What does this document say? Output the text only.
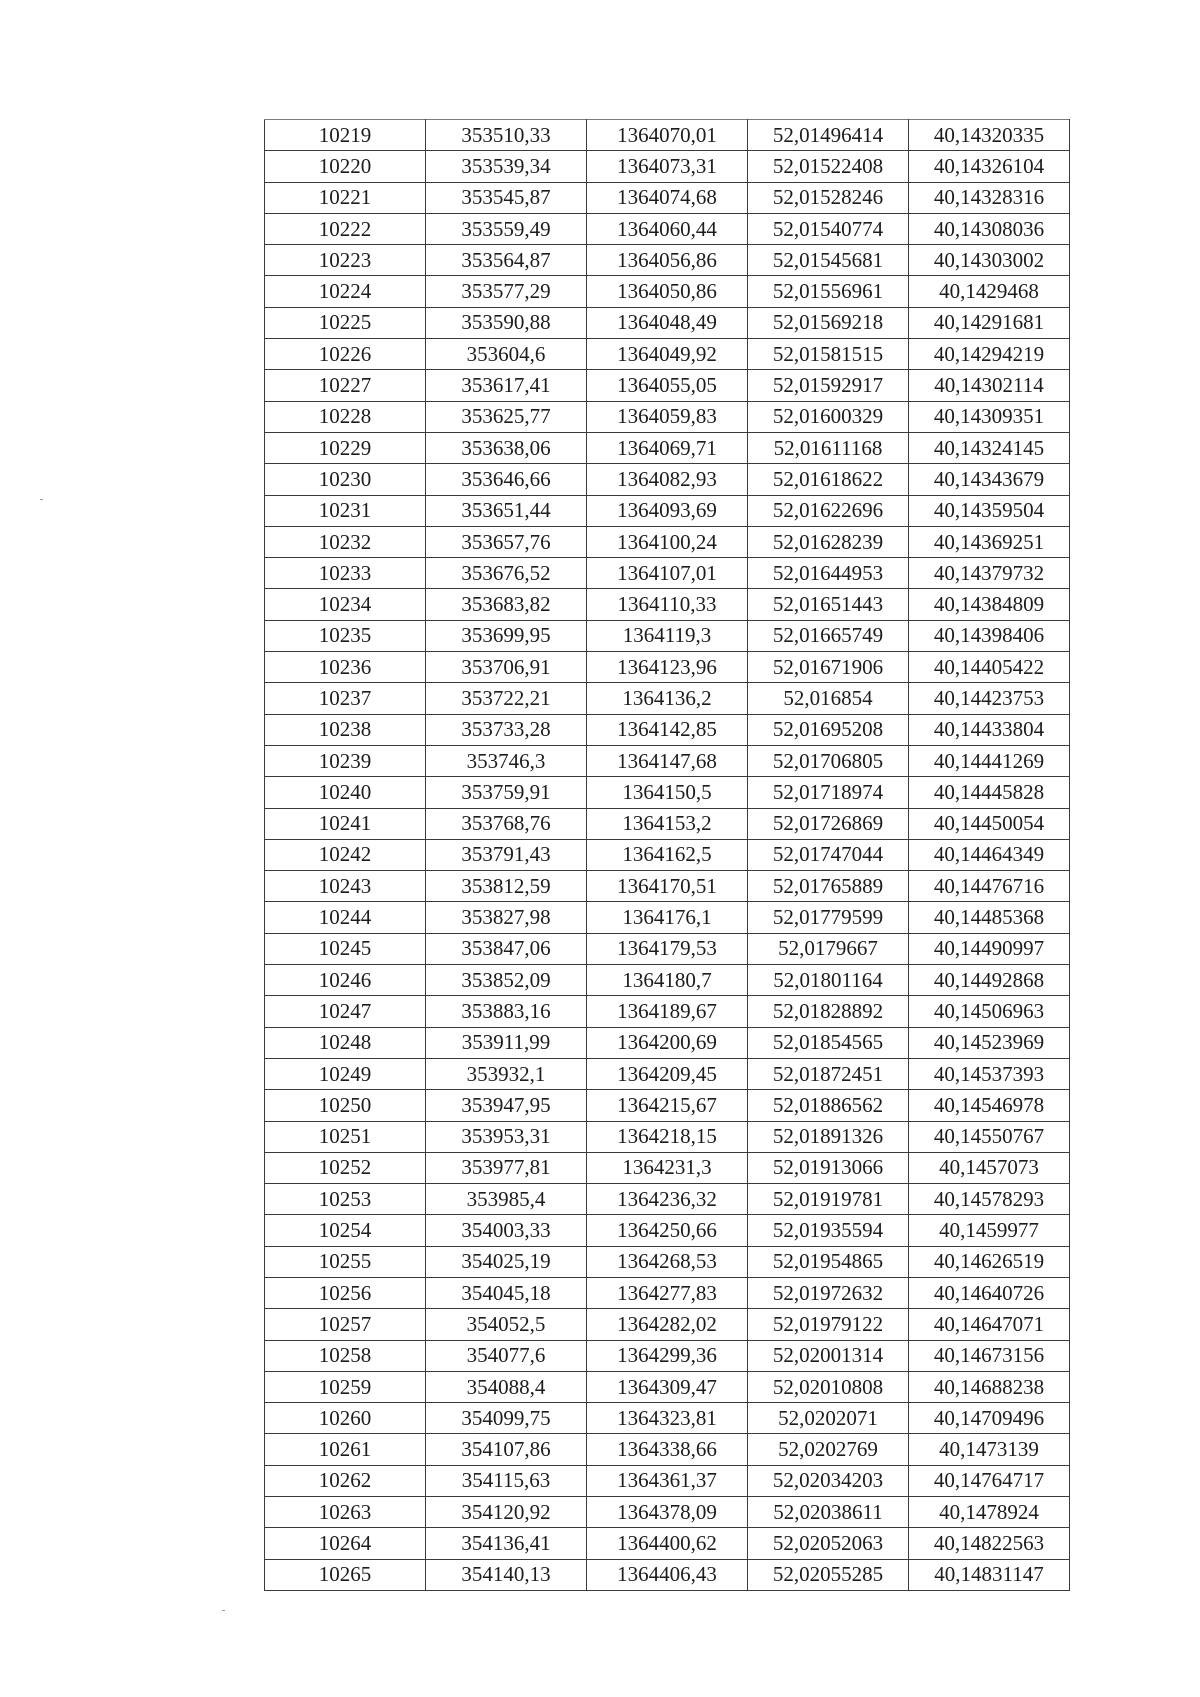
10219	353510,33	1364070,01	52,01496414	40,14320335
10220	353539,34	1364073,31	52,01522408	40,14326104
10221	353545,87	1364074,68	52,01528246	40,14328316
10222	353559,49	1364060,44	52,01540774	40,14308036
10223	353564,87	1364056,86	52,01545681	40,14303002
10224	353577,29	1364050,86	52,01556961	40,1429468
10225	353590,88	1364048,49	52,01569218	40,14291681
10226	353604,6	1364049,92	52,01581515	40,14294219
10227	353617,41	1364055,05	52,01592917	40,14302114
10228	353625,77	1364059,83	52,01600329	40,14309351
10229	353638,06	1364069,71	52,01611168	40,14324145
10230	353646,66	1364082,93	52,01618622	40,14343679
10231	353651,44	1364093,69	52,01622696	40,14359504
10232	353657,76	1364100,24	52,01628239	40,14369251
10233	353676,52	1364107,01	52,01644953	40,14379732
10234	353683,82	1364110,33	52,01651443	40,14384809
10235	353699,95	1364119,3	52,01665749	40,14398406
10236	353706,91	1364123,96	52,01671906	40,14405422
10237	353722,21	1364136,2	52,016854	40,14423753
10238	353733,28	1364142,85	52,01695208	40,14433804
10239	353746,3	1364147,68	52,01706805	40,14441269
10240	353759,91	1364150,5	52,01718974	40,14445828
10241	353768,76	1364153,2	52,01726869	40,14450054
10242	353791,43	1364162,5	52,01747044	40,14464349
10243	353812,59	1364170,51	52,01765889	40,14476716
10244	353827,98	1364176,1	52,01779599	40,14485368
10245	353847,06	1364179,53	52,0179667	40,14490997
10246	353852,09	1364180,7	52,01801164	40,14492868
10247	353883,16	1364189,67	52,01828892	40,14506963
10248	353911,99	1364200,69	52,01854565	40,14523969
10249	353932,1	1364209,45	52,01872451	40,14537393
10250	353947,95	1364215,67	52,01886562	40,14546978
10251	353953,31	1364218,15	52,01891326	40,14550767
10252	353977,81	1364231,3	52,01913066	40,1457073
10253	353985,4	1364236,32	52,01919781	40,14578293
10254	354003,33	1364250,66	52,01935594	40,1459977
10255	354025,19	1364268,53	52,01954865	40,14626519
10256	354045,18	1364277,83	52,01972632	40,14640726
10257	354052,5	1364282,02	52,01979122	40,14647071
10258	354077,6	1364299,36	52,02001314	40,14673156
10259	354088,4	1364309,47	52,02010808	40,14688238
10260	354099,75	1364323,81	52,0202071	40,14709496
10261	354107,86	1364338,66	52,0202769	40,1473139
10262	354115,63	1364361,37	52,02034203	40,14764717
10263	354120,92	1364378,09	52,02038611	40,1478924
10264	354136,41	1364400,62	52,02052063	40,14822563
10265	354140,13	1364406,43	52,02055285	40,14831147
